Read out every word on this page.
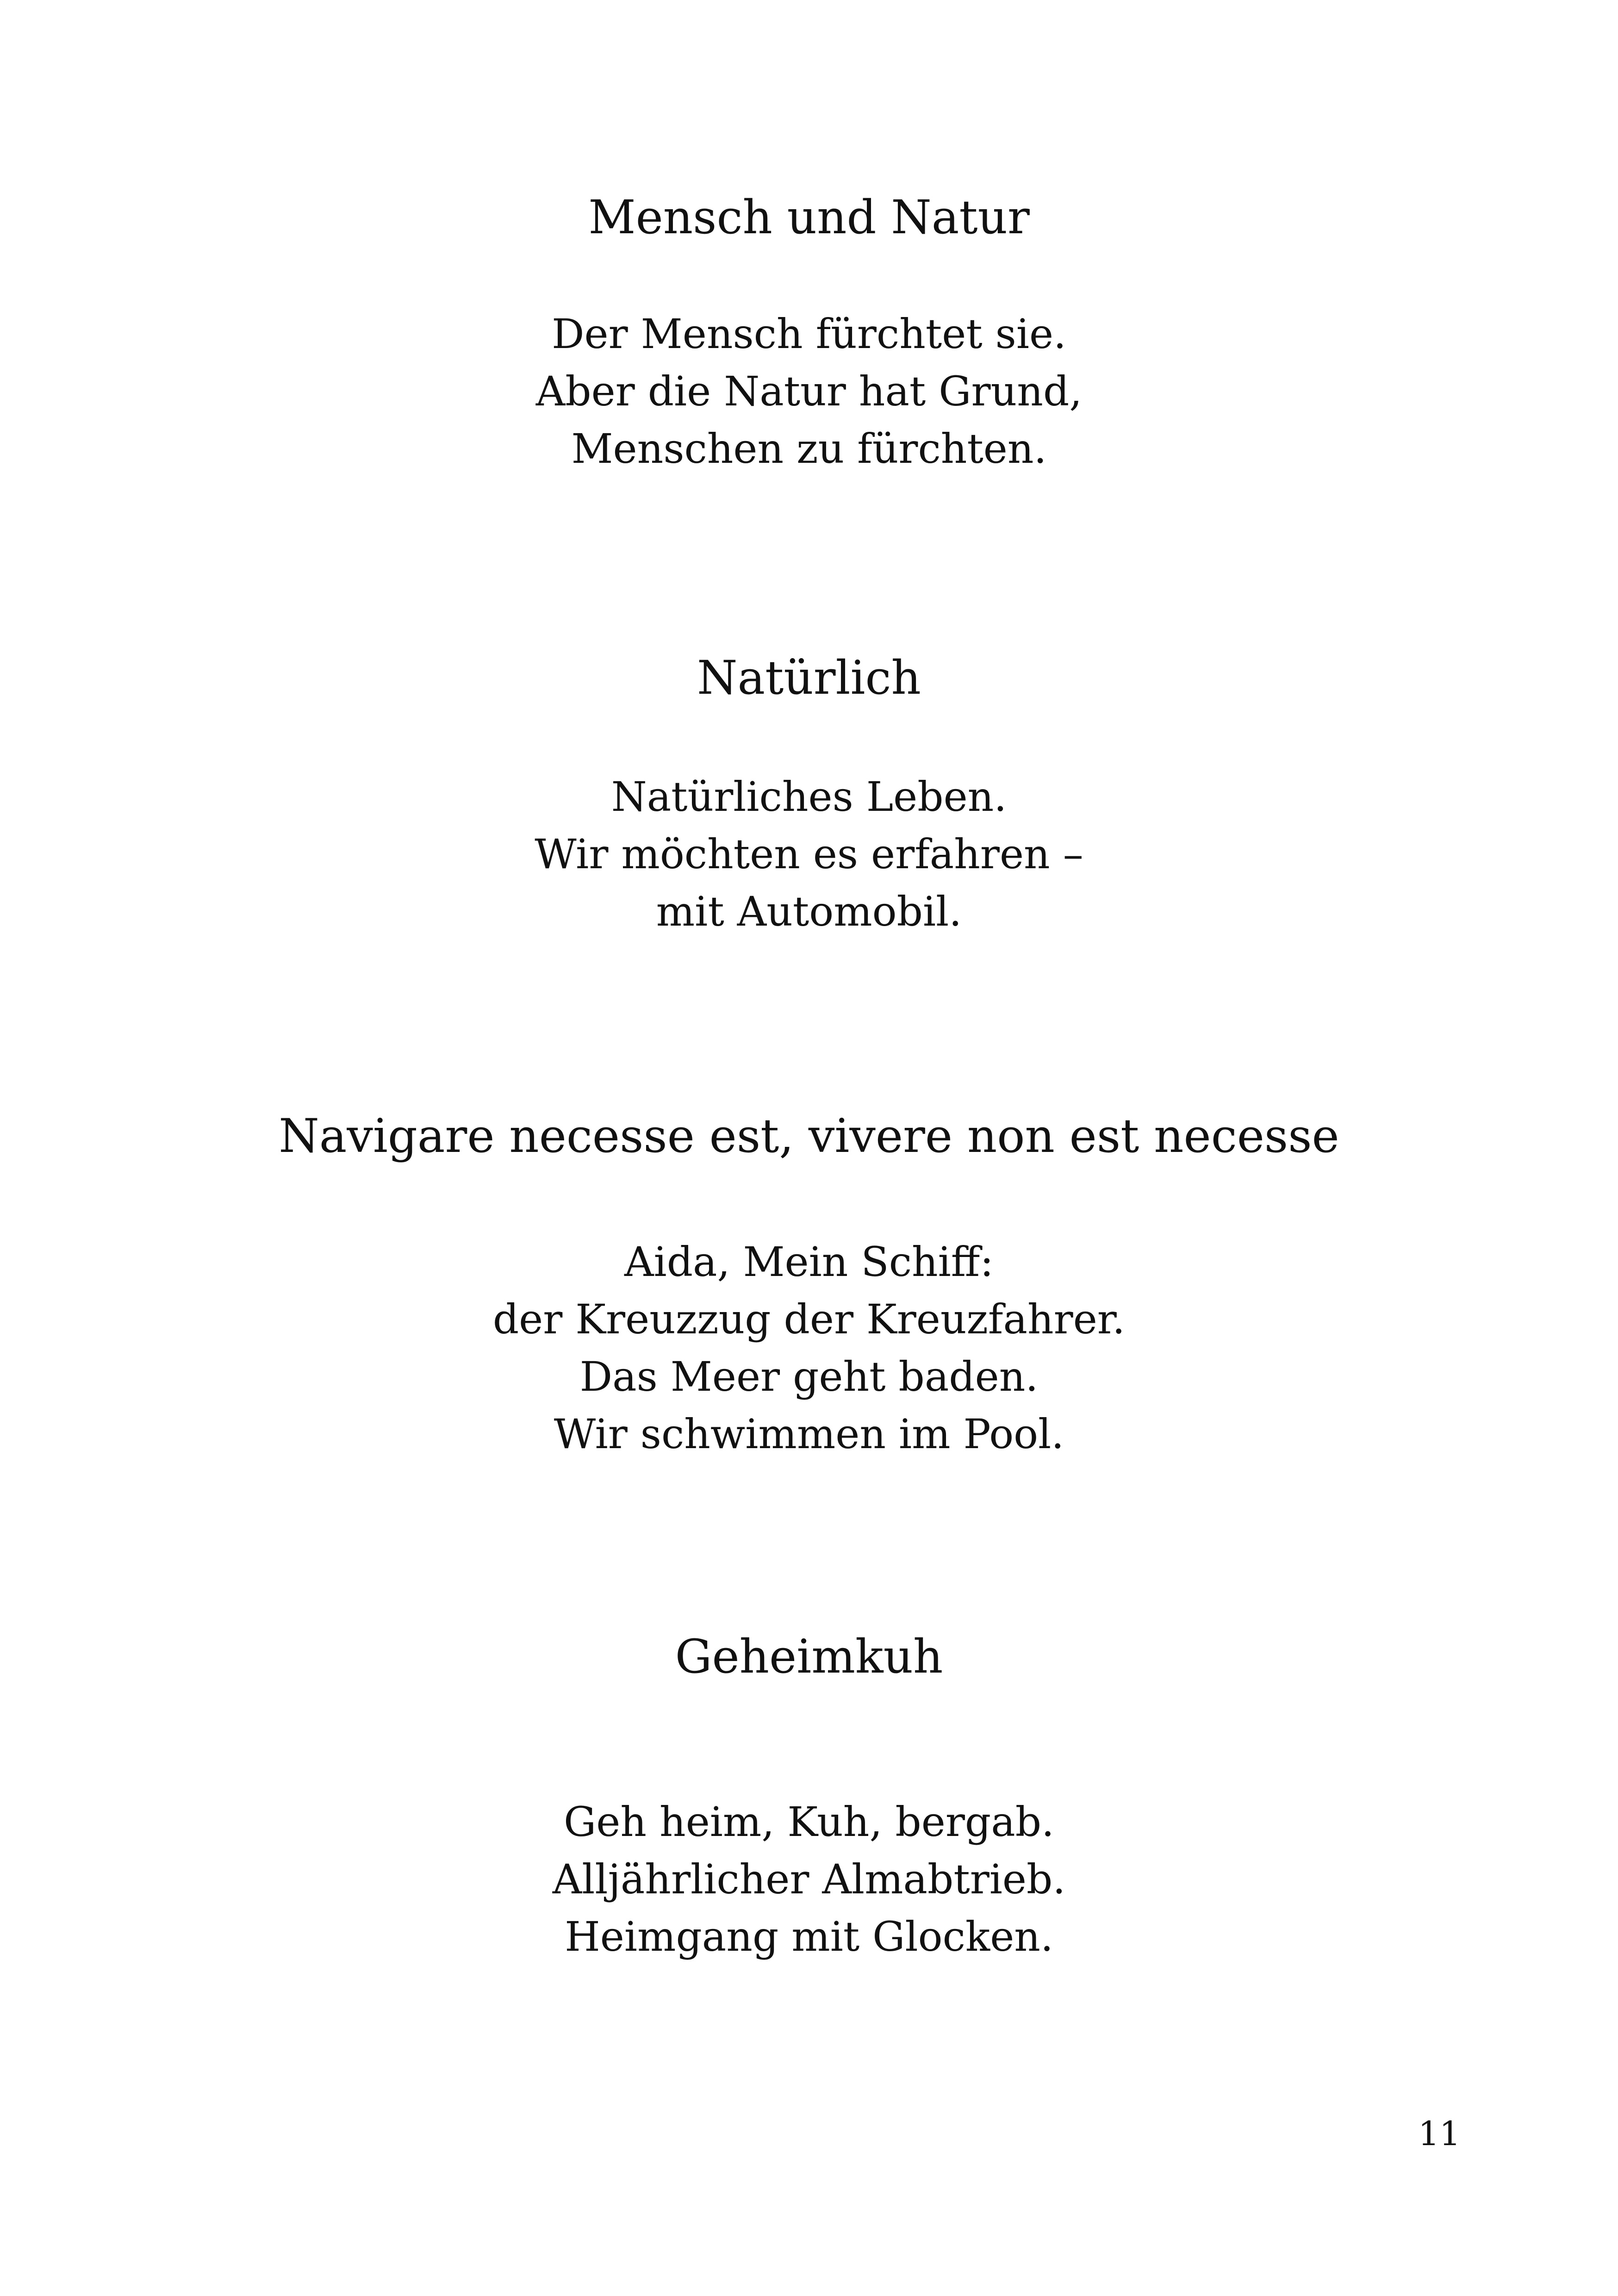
Mensch und Natur
Der Mensch fürchtet sie.
Aber die Natur hat Grund,
Menschen zu fürchten.
Natürlich
Natürliches Leben.
Wir möchten es erfahren –
mit Automobil.
Navigare necesse est, vivere non est necesse
Aida, Mein Schiff:
der Kreuzzug der Kreuzfahrer.
Das Meer geht baden.
Wir schwimmen im Pool.
Geheimkuh
Geh heim, Kuh, bergab.
Alljährlicher Almabtrieb.
Heimgang mit Glocken.
11
